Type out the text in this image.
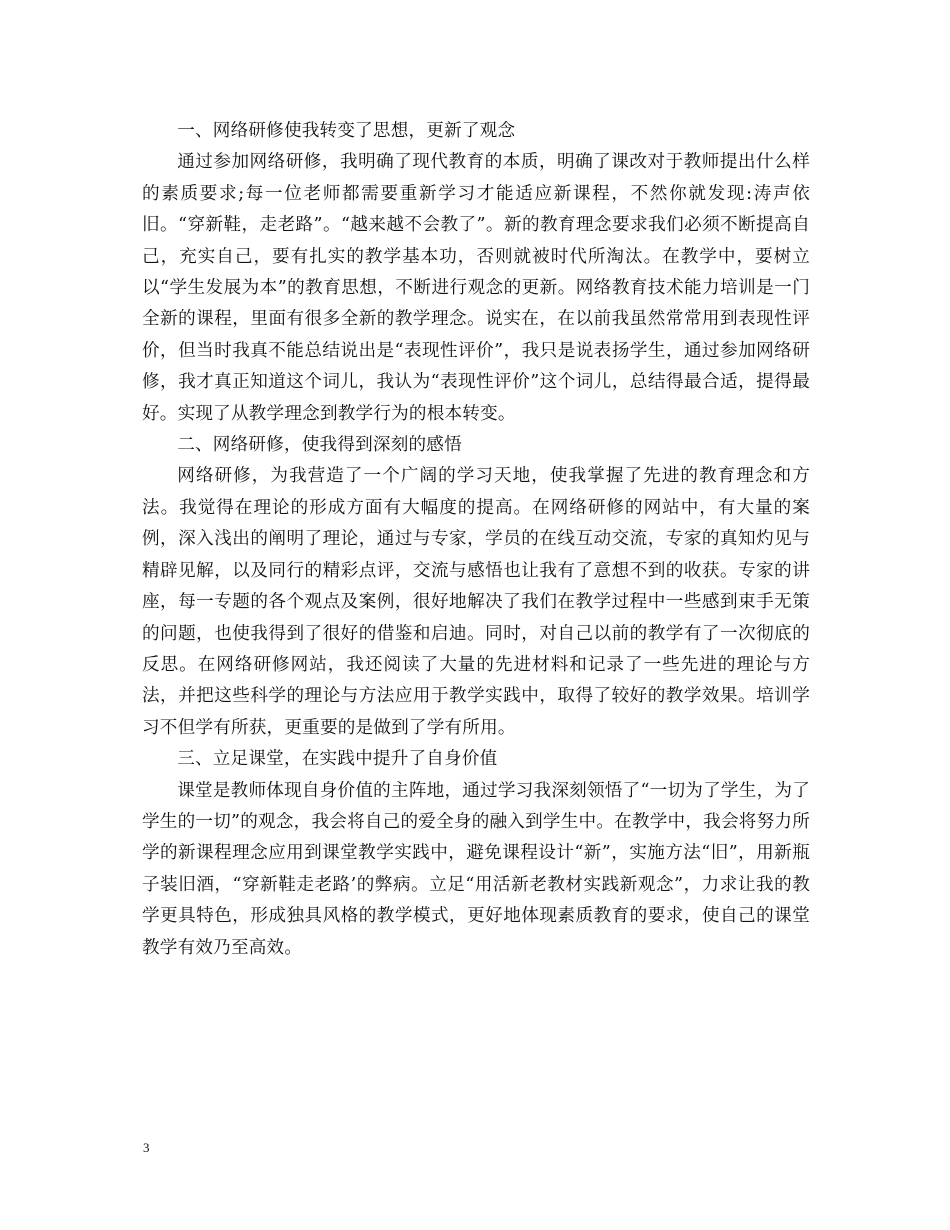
一、网络研修使我转变了思想，更新了观念

通过参加网络研修，我明确了现代教育的本质，明确了课改对于教师提出什么样的素质要求;每一位老师都需要重新学习才能适应新课程，不然你就发现:涛声依旧。“穿新鞋，走老路”。“越来越不会教了”。新的教育理念要求我们必须不断提高自己，充实自己，要有扎实的教学基本功，否则就被时代所淘汰。在教学中，要树立以“学生发展为本”的教育思想，不断进行观念的更新。网络教育技术能力培训是一门全新的课程，里面有很多全新的教学理念。说实在，在以前我虽然常常用到表现性评价，但当时我真不能总结说出是“表现性评价”，我只是说表扬学生，通过参加网络研修，我才真正知道这个词儿，我认为“表现性评价”这个词儿，总结得最合适，提得最好。实现了从教学理念到教学行为的根本转变。

二、网络研修，使我得到深刻的感悟

网络研修，为我营造了一个广阔的学习天地，使我掌握了先进的教育理念和方法。我觉得在理论的形成方面有大幅度的提高。在网络研修的网站中，有大量的案例，深入浅出的阐明了理论，通过与专家，学员的在线互动交流，专家的真知灼见与精辟见解，以及同行的精彩点评，交流与感悟也让我有了意想不到的收获。专家的讲座，每一专题的各个观点及案例，很好地解决了我们在教学过程中一些感到束手无策的问题，也使我得到了很好的借鉴和启迪。同时，对自己以前的教学有了一次彻底的反思。在网络研修网站，我还阅读了大量的先进材料和记录了一些先进的理论与方法，并把这些科学的理论与方法应用于教学实践中，取得了较好的教学效果。培训学习不但学有所获，更重要的是做到了学有所用。

三、立足课堂，在实践中提升了自身价值

课堂是教师体现自身价值的主阵地，通过学习我深刻领悟了“一切为了学生，为了学生的一切”的观念，我会将自己的爱全身的融入到学生中。在教学中，我会将努力所学的新课程理念应用到课堂教学实践中，避免课程设计“新”，实施方法“旧”，用新瓶子装旧酒，“穿新鞋走老路’的弊病。立足“用活新老教材实践新观念”，力求让我的教学更具特色，形成独具风格的教学模式，更好地体现素质教育的要求，使自己的课堂教学有效乃至高效。

3
